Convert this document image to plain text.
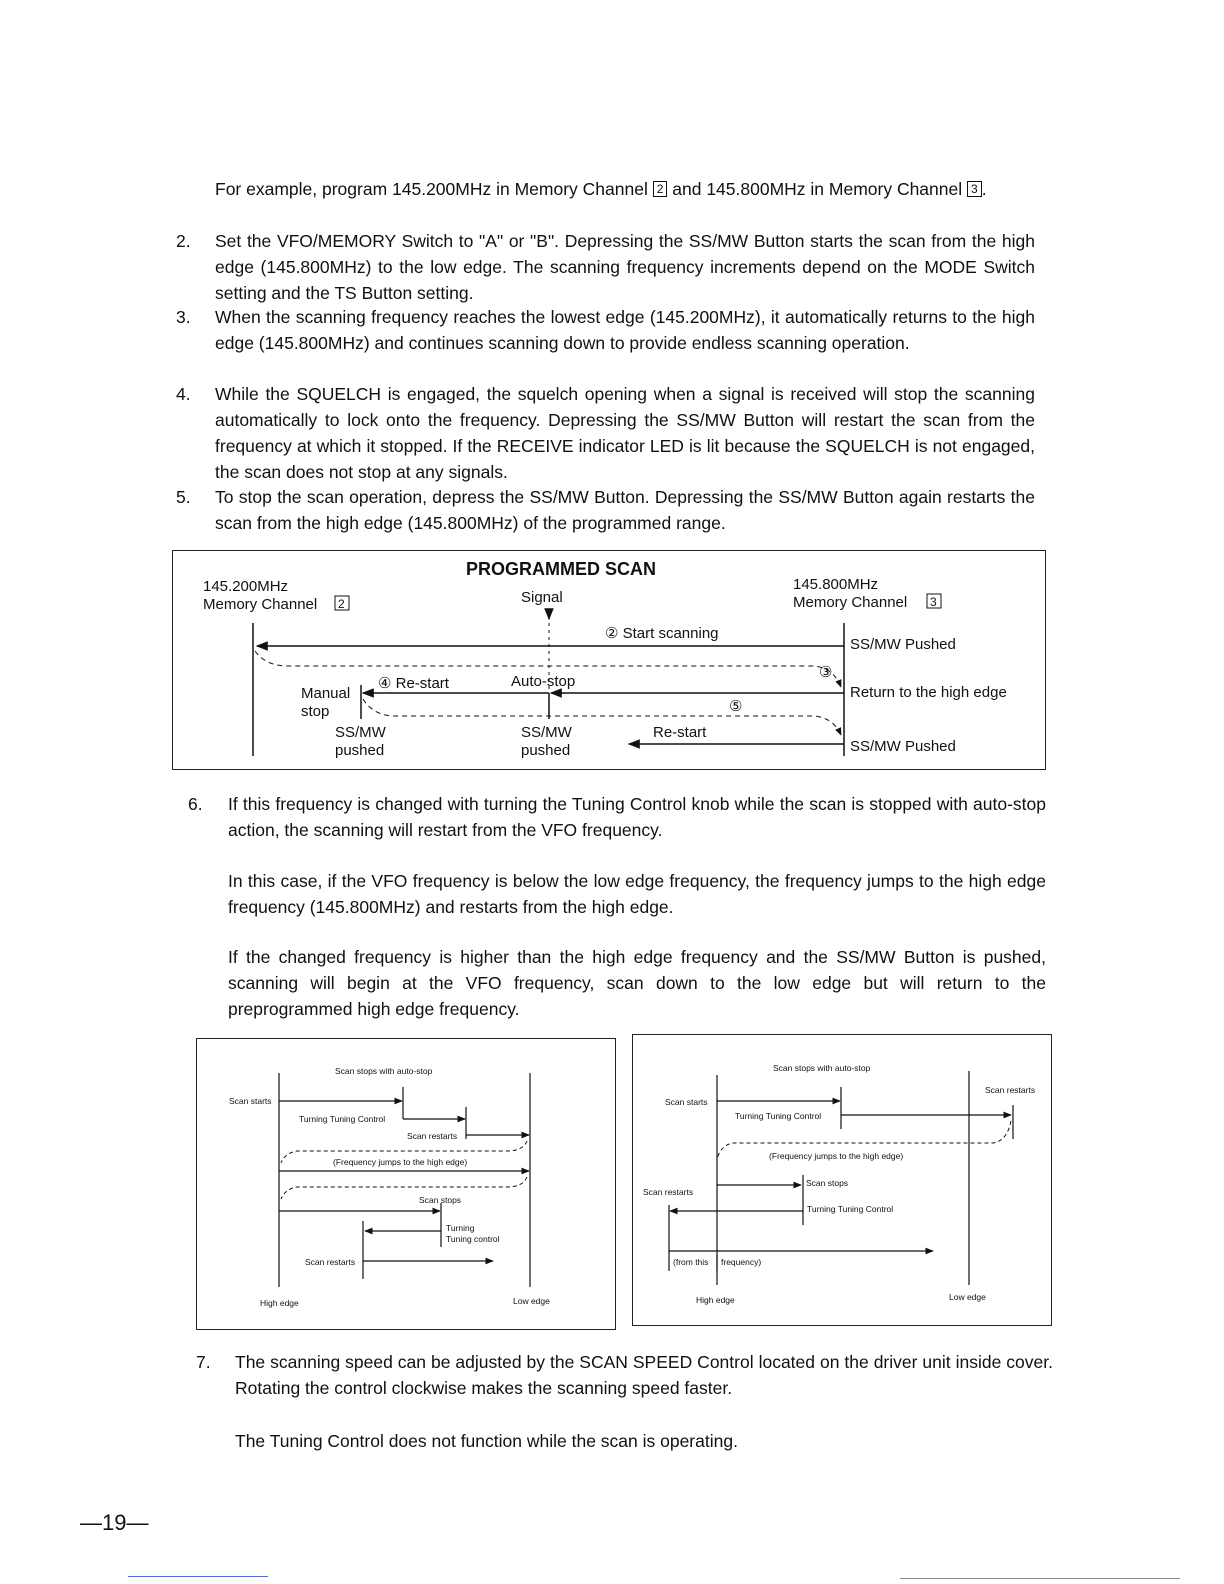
For example, program 145.200MHz in Memory Channel 2 and 145.800MHz in Memory Channel 3 .
2. Set the VFO/MEMORY Switch to "A" or "B". Depressing the SS/MW Button starts the scan from the high edge (145.800MHz) to the low edge. The scanning frequency increments depend on the MODE Switch setting and the TS Button setting.
3. When the scanning frequency reaches the lowest edge (145.200MHz), it automatically returns to the high edge (145.800MHz) and continues scanning down to provide endless scanning operation.
4. While the SQUELCH is engaged, the squelch opening when a signal is received will stop the scanning automatically to lock onto the frequency. Depressing the SS/MW Button will restart the scan from the frequency at which it stopped. If the RECEIVE indicator LED is lit because the SQUELCH is not engaged, the scan does not stop at any signals.
5. To stop the scan operation, depress the SS/MW Button. Depressing the SS/MW Button again restarts the scan from the high edge (145.800MHz) of the programmed range.
PROGRAMMED SCAN
145.200MHz
Memory Channel 2
145.800MHz
Memory Channel 3
Signal
② Start scanning
SS/MW Pushed
③
④ Re-start	Auto-stop
Manual
stop
Return to the high edge
⑤
SS/MW
pushed
SS/MW
pushed
Re-start
SS/MW Pushed
6. If this frequency is changed with turning the Tuning Control knob while the scan is stopped with auto-stop action, the scanning will restart from the VFO frequency.
In this case, if the VFO frequency is below the low edge frequency, the frequency jumps to the high edge frequency (145.800MHz) and restarts from the high edge.
If the changed frequency is higher than the high edge frequency and the SS/MW Button is pushed, scanning will begin at the VFO frequency, scan down to the low edge but will return to the preprogrammed high edge frequency.
Scan stops with auto-stop
Scan starts
Turning Tuning Control
Scan restarts
(Frequency jumps to the high edge)
Scan stops
Turning
Tuning control
Scan restarts
High edge	Low edge
Scan stops with auto-stop
Scan restarts
Scan starts
Turning Tuning Control
(Frequency jumps to the high edge)
Scan stops
Scan restarts
Turning Tuning Control
(from this frequency)
High edge	Low edge
7. The scanning speed can be adjusted by the SCAN SPEED Control located on the driver unit inside cover. Rotating the control clockwise makes the scanning speed faster.
The Tuning Control does not function while the scan is operating.
—19—
